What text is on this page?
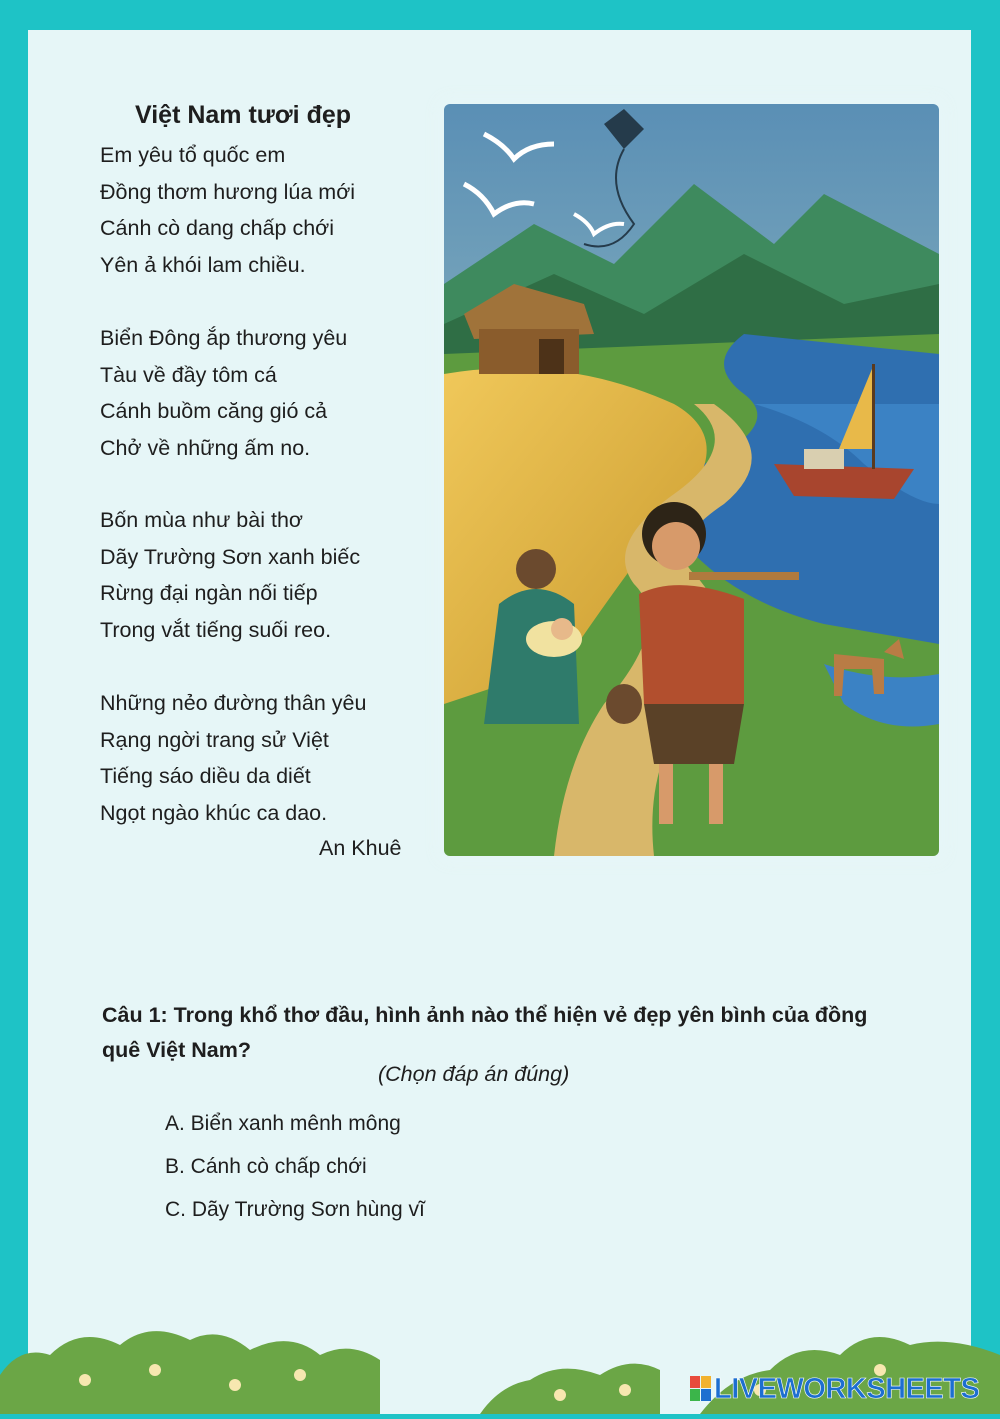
Việt Nam tươi đẹp
Em yêu tổ quốc em
Đồng thơm hương lúa mới
Cánh cò dang chấp chới
Yên ả khói lam chiều.
Biển Đông ắp thương yêu
Tàu về đầy tôm cá
Cánh buồm căng gió cả
Chở về những ấm no.
Bốn mùa như bài thơ
Dãy Trường Sơn xanh biếc
Rừng đại ngàn nối tiếp
Trong vắt tiếng suối reo.
Những nẻo đường thân yêu
Rạng ngời trang sử Việt
Tiếng sáo diều da diết
Ngọt ngào khúc ca dao.
An Khuê
Câu 1: Trong khổ thơ đầu, hình ảnh nào thể hiện vẻ đẹp yên bình của đồng quê Việt Nam?
(Chọn đáp án đúng)
A. Biển xanh mênh mông
B. Cánh cò chấp chới
C. Dãy Trường Sơn hùng vĩ
LIVEWORKSHEETS
